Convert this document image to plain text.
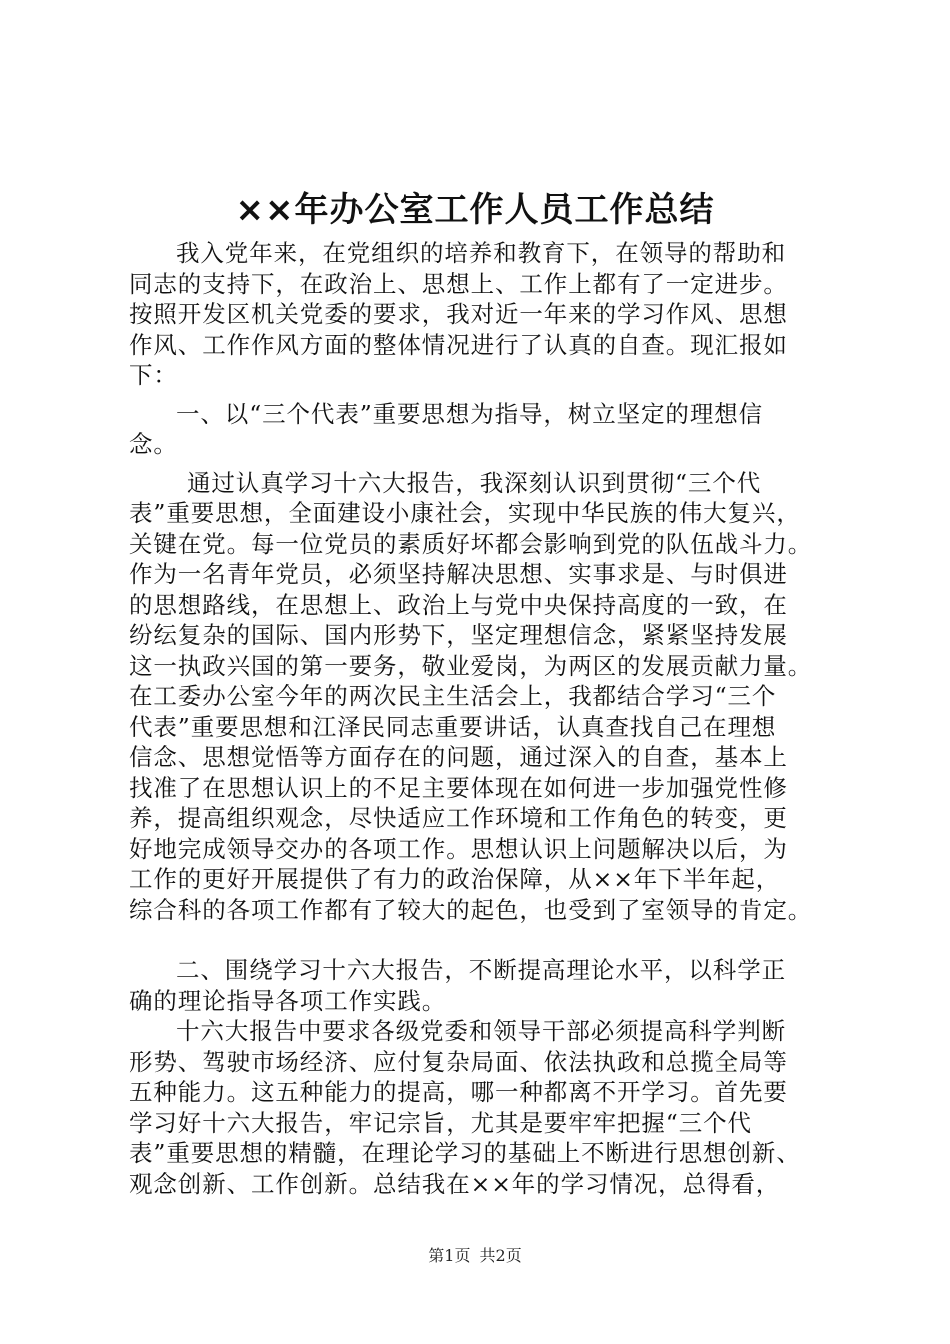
××年办公室工作人员工作总结
我入党年来，在党组织的培养和教育下，在领导的帮助和
同志的支持下，在政治上、思想上、工作上都有了一定进步。
按照开发区机关党委的要求，我对近一年来的学习作风、思想
作风、工作作风方面的整体情况进行了认真的自查。现汇报如
下：
一、以“三个代表”重要思想为指导，树立坚定的理想信
念。
通过认真学习十六大报告，我深刻认识到贯彻“三个代
表”重要思想，全面建设小康社会，实现中华民族的伟大复兴，
关键在党。每一位党员的素质好坏都会影响到党的队伍战斗力。
作为一名青年党员，必须坚持解决思想、实事求是、与时俱进
的思想路线，在思想上、政治上与党中央保持高度的一致，在
纷纭复杂的国际、国内形势下，坚定理想信念，紧紧坚持发展
这一执政兴国的第一要务，敬业爱岗，为两区的发展贡献力量。
在工委办公室今年的两次民主生活会上，我都结合学习“三个
代表”重要思想和江泽民同志重要讲话，认真查找自己在理想
信念、思想觉悟等方面存在的问题，通过深入的自查，基本上
找准了在思想认识上的不足主要体现在如何进一步加强党性修
养，提高组织观念，尽快适应工作环境和工作角色的转变，更
好地完成领导交办的各项工作。思想认识上问题解决以后，为
工作的更好开展提供了有力的政治保障，从××年下半年起，
综合科的各项工作都有了较大的起色，也受到了室领导的肯定。
二、围绕学习十六大报告，不断提高理论水平，以科学正
确的理论指导各项工作实践。
十六大报告中要求各级党委和领导干部必须提高科学判断
形势、驾驶市场经济、应付复杂局面、依法执政和总揽全局等
五种能力。这五种能力的提高，哪一种都离不开学习。首先要
学习好十六大报告，牢记宗旨，尤其是要牢牢把握“三个代
表”重要思想的精髓，在理论学习的基础上不断进行思想创新、
观念创新、工作创新。总结我在××年的学习情况，总得看，
第1页 共2页
